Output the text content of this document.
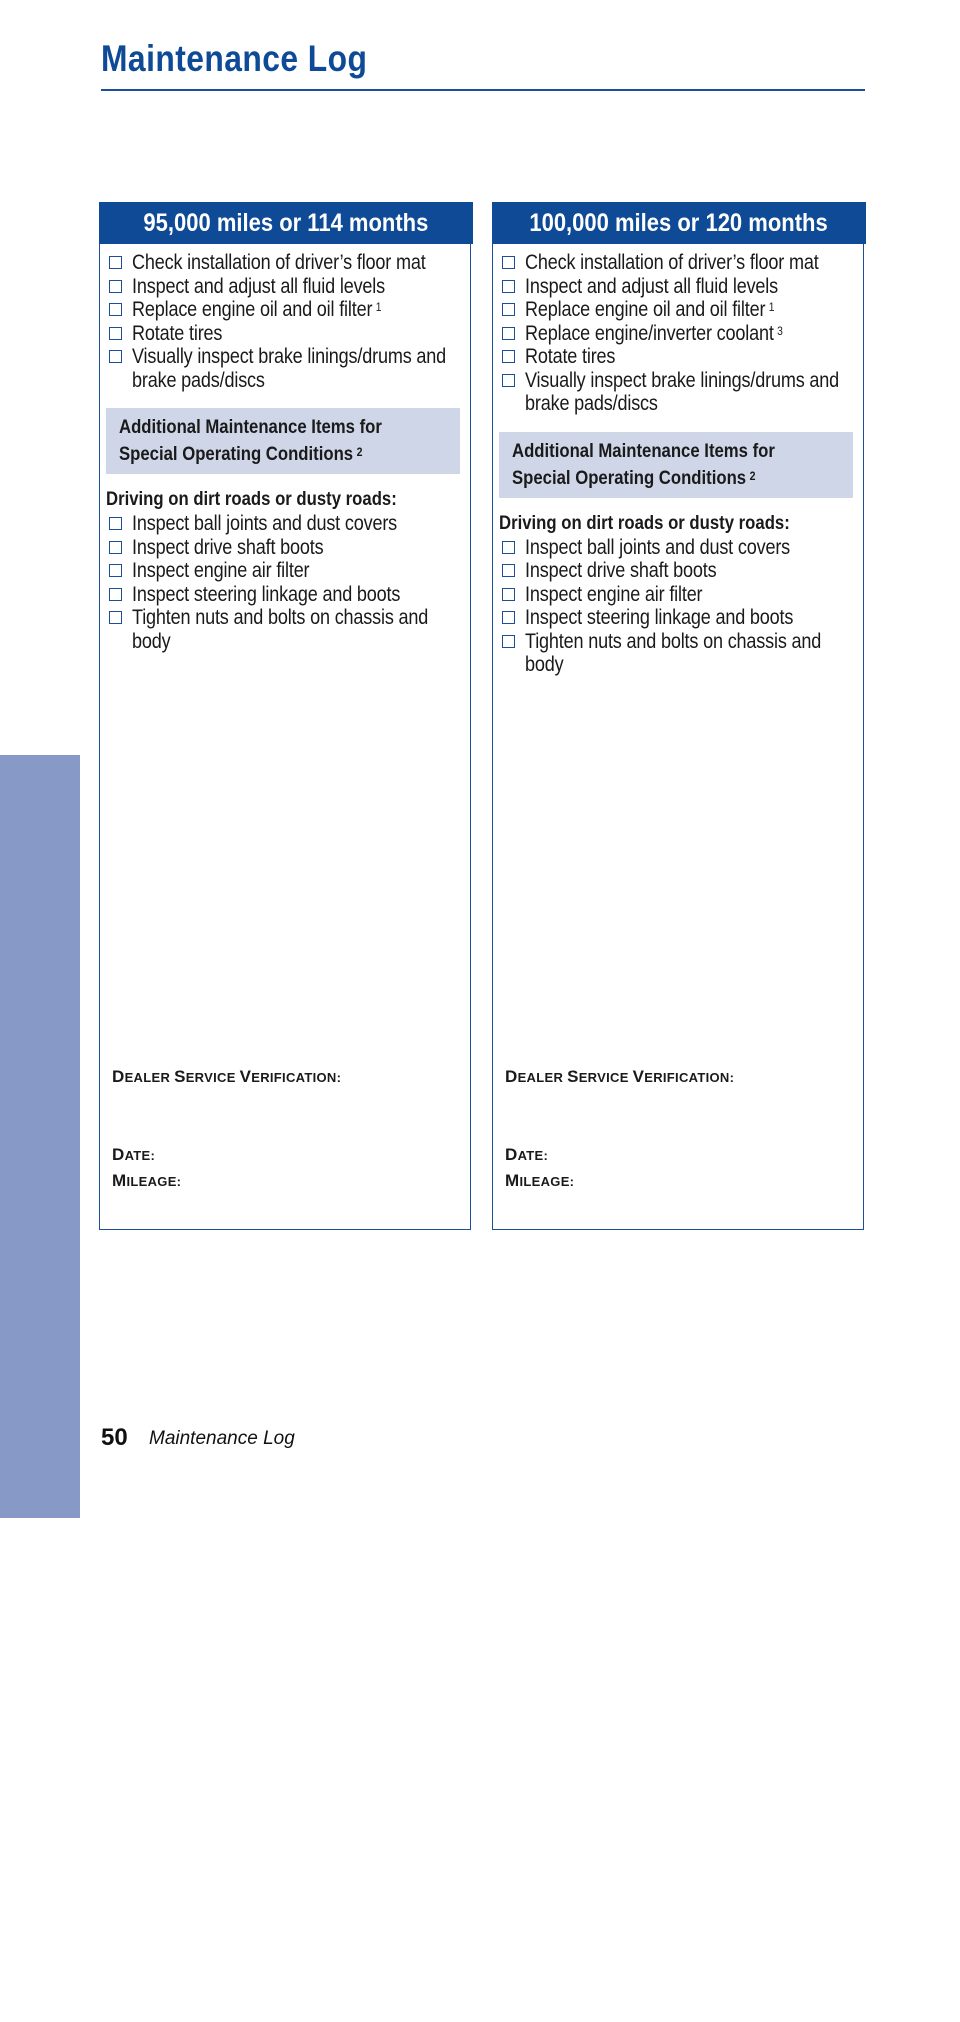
Maintenance Log
MAINTENANCE
95,000 miles or 114 months
Check installation of driver’s floor mat
Inspect and adjust all fluid levels
Replace engine oil and oil filter $^1$
Rotate tires
Visually inspect brake linings/drums and
brake pads/discs
Additional Maintenance Items for
Special Operating Conditions $^2$
Driving on dirt roads or dusty roads:
Inspect ball joints and dust covers
Inspect drive shaft boots
Inspect engine air filter
Inspect steering linkage and boots
Tighten nuts and bolts on chassis and
body
DEALER SERVICE VERIFICATION:
DATE:
MILEAGE:
100,000 miles or 120 months
Check installation of driver’s floor mat
Inspect and adjust all fluid levels
Replace engine oil and oil filter $^1$
Replace engine/inverter coolant $^3$
Rotate tires
Visually inspect brake linings/drums and
brake pads/discs
Additional Maintenance Items for
Special Operating Conditions $^2$
Driving on dirt roads or dusty roads:
Inspect ball joints and dust covers
Inspect drive shaft boots
Inspect engine air filter
Inspect steering linkage and boots
Tighten nuts and bolts on chassis and
body
DEALER SERVICE VERIFICATION:
DATE:
MILEAGE:
50 Maintenance Log
